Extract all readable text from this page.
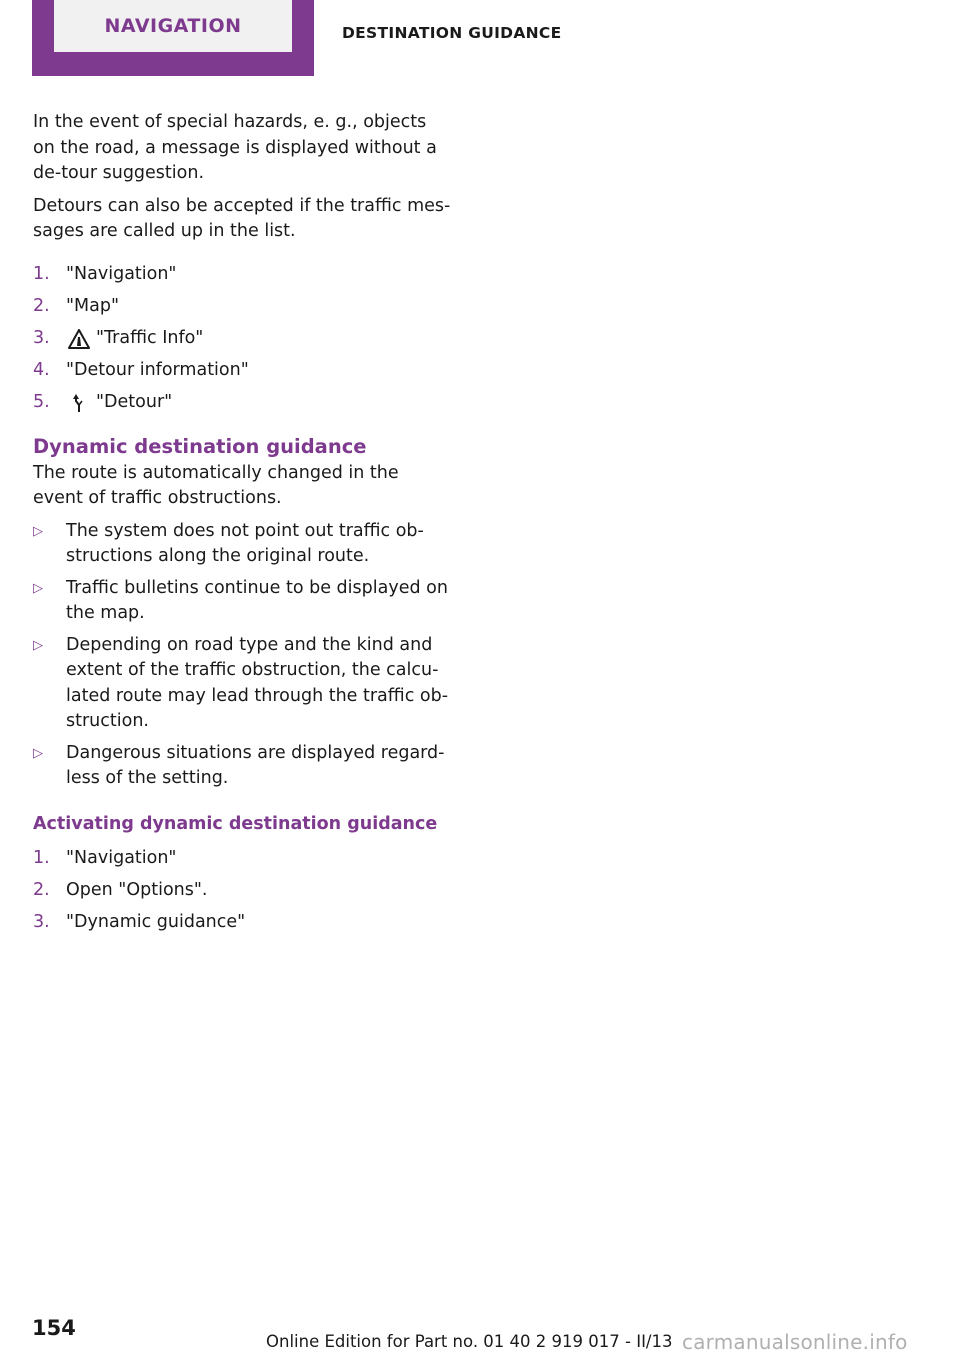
NAVIGATION	DESTINATION GUIDANCE

In the event of special hazards, e. g., objects on the road, a message is displayed without a de‐tour suggestion.

Detours can also be accepted if the traffic mes‐sages are called up in the list.

1. "Navigation"
2. "Map"
3.	"Traffic Info"
4. "Detour information"
5.	"Detour"
Dynamic destination guidance

The route is automatically changed in the event of traffic obstructions.

▷	The system does not point out traffic ob‐structions along the original route.
▷	Traffic bulletins continue to be displayed on the map.
▷	Depending on road type and the kind and extent of the traffic obstruction, the calcu‐lated route may lead through the traffic ob‐struction.
▷	Dangerous situations are displayed regard‐less of the setting.
Activating dynamic destination guidance
1. "Navigation"
2. Open "Options".
3. "Dynamic guidance"
154
Online Edition for Part no. 01 40 2 919 017 - II/13 carmanualsonline.info
